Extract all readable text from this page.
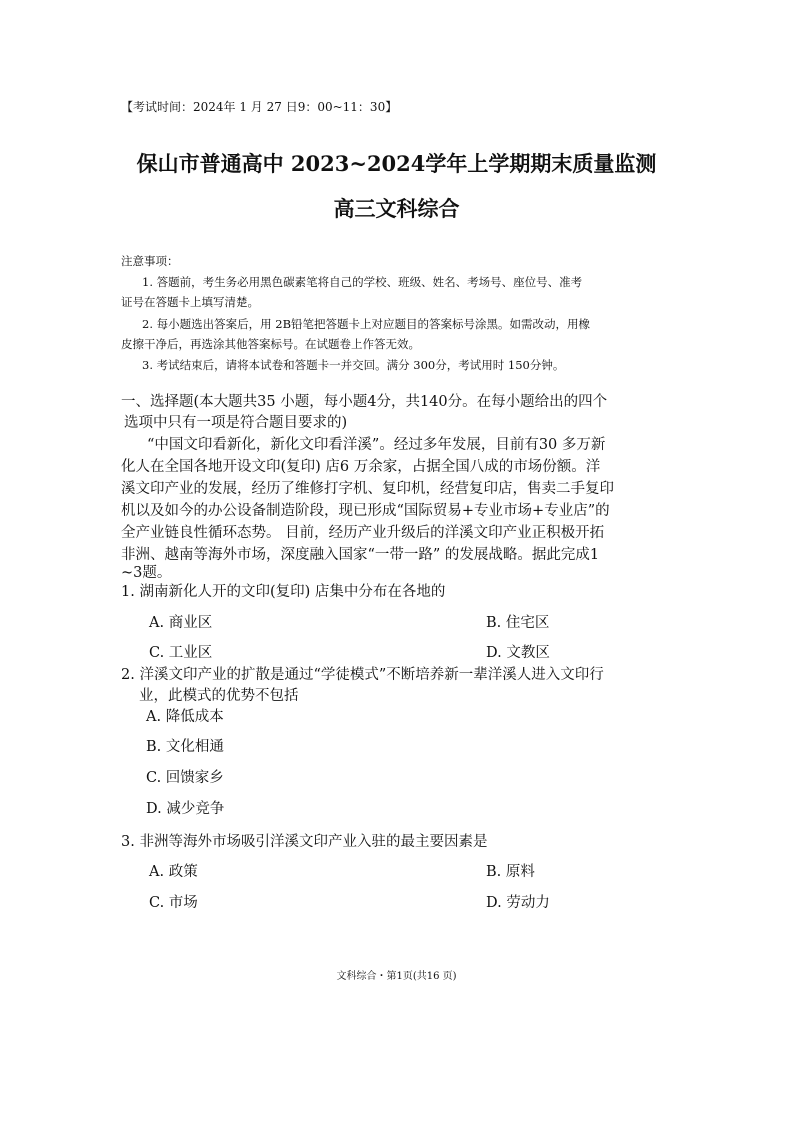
【考试时间：2024年 1 月 27 日9：00~11：30】
保山市普通高中 2023~2024学年上学期期末质量监测
高三文科综合
注意事项：
1. 答题前，考生务必用黑色碳素笔将自己的学校、班级、姓名、考场号、座位号、准考
证号在答题卡上填写清楚。
2. 每小题选出答案后，用 2B铅笔把答题卡上对应题目的答案标号涂黑。如需改动，用橡
皮擦干净后，再选涂其他答案标号。在试题卷上作答无效。
3. 考试结束后，请将本试卷和答题卡一并交回。满分 300分，考试用时 150分钟。
一、选择题(本大题共35 小题，每小题4分，共140分。在每小题给出的四个
选项中只有一项是符合题目要求的)
“中国文印看新化，新化文印看洋溪”。经过多年发展，目前有30 多万新
化人在全国各地开设文印(复印) 店6 万余家，占据全国八成的市场份额。洋
溪文印产业的发展，经历了维修打字机、复印机，经营复印店，售卖二手复印
机以及如今的办公设备制造阶段，现已形成“国际贸易+专业市场+专业店”的
全产业链良性循环态势。 目前，经历产业升级后的洋溪文印产业正积极开拓
非洲、越南等海外市场，深度融入国家“一带一路” 的发展战略。据此完成1
~3题。
1. 湖南新化人开的文印(复印) 店集中分布在各地的
A. 商业区	B. 住宅区
C. 工业区	D. 文教区
2. 洋溪文印产业的扩散是通过“学徒模式”不断培养新一辈洋溪人进入文印行
业，此模式的优势不包括
A. 降低成本
B. 文化相通
C. 回馈家乡
D. 减少竞争
3. 非洲等海外市场吸引洋溪文印产业入驻的最主要因素是
A. 政策	B. 原料
C. 市场	D. 劳动力
文科综合・第1页(共16 页)
